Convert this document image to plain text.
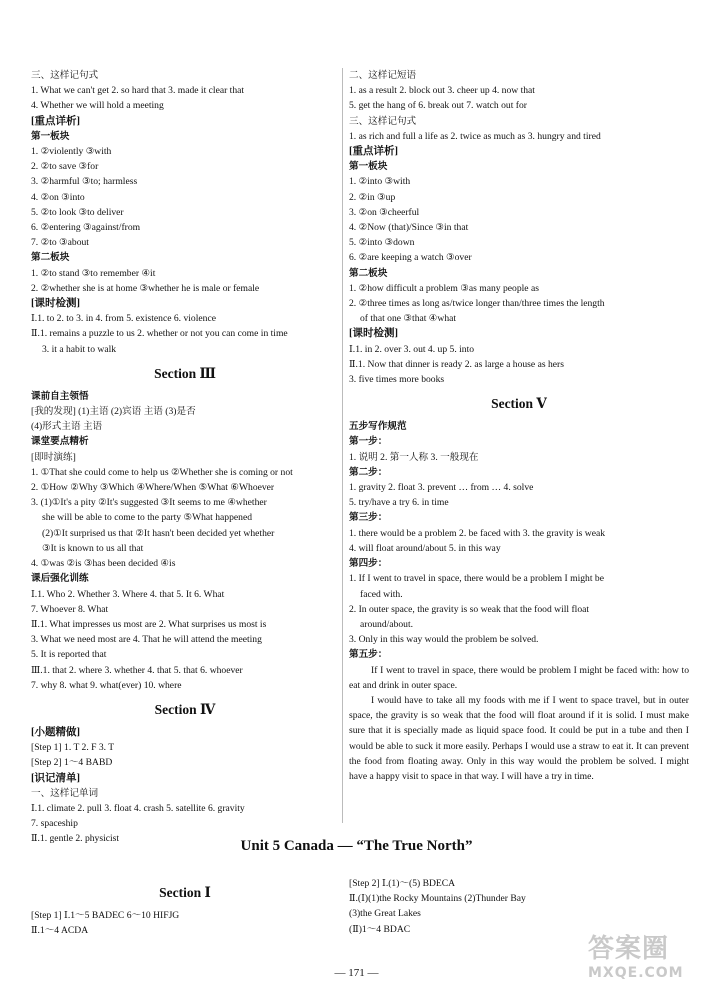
三、这样记句式
1. What we can't get 2. so hard that 3. made it clear that
4. Whether we will hold a meeting
[重点详析]
第一板块
1. ②violently ③with
2. ②to save ③for
3. ②harmful ③to; harmless
4. ②on ③into
5. ②to look ③to deliver
6. ②entering ③against/from
7. ②to ③about
第二板块
1. ②to stand ③to remember ④it
2. ②whether she is at home ③whether he is male or female
[课时检测]
Ⅰ.1. to 2. to 3. in 4. from 5. existence 6. violence
Ⅱ.1. remains a puzzle to us 2. whether or not you can come in time
3. it a habit to walk
Section Ⅲ
课前自主领悟
[我的发现] (1)主语 (2)宾语 主语 (3)是否
(4)形式主语 主语
课堂要点精析
[即时演练]
1. ①That she could come to help us ②Whether she is coming or not
2. ①How ②Why ③Which ④Where/When ⑤What ⑥Whoever
3. (1)①It's a pity ②It's suggested ③It seems to me ④whether
she will be able to come to the party ⑤What happened
(2)①It surprised us that ②It hasn't been decided yet whether
③It is known to us all that
4. ①was ②is ③has been decided ④is
课后强化训练
Ⅰ.1. Who 2. Whether 3. Where 4. that 5. It 6. What
7. Whoever 8. What
Ⅱ.1. What impresses us most are 2. What surprises us most is
3. What we need most are 4. That he will attend the meeting
5. It is reported that
Ⅲ.1. that 2. where 3. whether 4. that 5. that 6. whoever
7. why 8. what 9. what(ever) 10. where
Section Ⅳ
[小题精做]
[Step 1] 1. T 2. F 3. T
[Step 2] 1～4 BABD
[识记清单]
一、这样记单词
Ⅰ.1. climate 2. pull 3. float 4. crash 5. satellite 6. gravity
7. spaceship
Ⅱ.1. gentle 2. physicist
二、这样记短语
1. as a result 2. block out 3. cheer up 4. now that
5. get the hang of 6. break out 7. watch out for
三、这样记句式
1. as rich and full a life as 2. twice as much as 3. hungry and tired
[重点详析]
第一板块
1. ②into ③with
2. ②in ③up
3. ②on ③cheerful
4. ②Now (that)/Since ③in that
5. ②into ③down
6. ②are keeping a watch ③over
第二板块
1. ②how difficult a problem ③as many people as
2. ②three times as long as/twice longer than/three times the length
of that one ③that ④what
[课时检测]
Ⅰ.1. in 2. over 3. out 4. up 5. into
Ⅱ.1. Now that dinner is ready 2. as large a house as hers
3. five times more books
Section Ⅴ
五步写作规范
第一步：
1. 说明 2. 第一人称 3. 一般现在
第二步：
1. gravity 2. float 3. prevent … from … 4. solve
5. try/have a try 6. in time
第三步：
1. there would be a problem 2. be faced with 3. the gravity is weak
4. will float around/about 5. in this way
第四步：
1. If I went to travel in space, there would be a problem I might be
faced with.
2. In outer space, the gravity is so weak that the food will float
around/about.
3. Only in this way would the problem be solved.
第五步：
If I went to travel in space, there would be problem I might be faced with: how to eat and drink in outer space.
I would have to take all my foods with me if I went to space travel, but in outer space, the gravity is so weak that the food will float around if it is solid. I must make sure that it is specially made as liquid space food. It could be put in a tube and then I would be able to suck it more easily. Perhaps I would use a straw to eat it. It can prevent the food from floating away. Only in this way would the problem be solved. I might have a happy visit to space in that way. I will have a try in time.
Unit 5 Canada — “The True North”
Section Ⅰ
[Step 1] Ⅰ.1～5 BADEC 6～10 HIFJG
Ⅱ.1～4 ACDA
[Step 2] Ⅰ.(1)～(5) BDECA
Ⅱ.(Ⅰ)(1)the Rocky Mountains (2)Thunder Bay
(3)the Great Lakes
(Ⅱ)1～4 BDAC
— 171 —
答案圈
MXQE.COM
